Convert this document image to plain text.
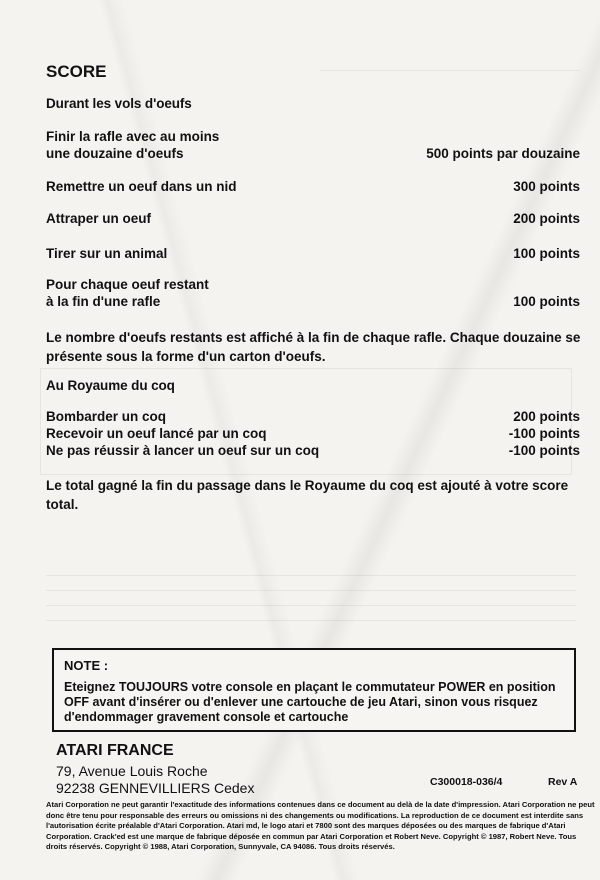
SCORE
Durant les vols d'oeufs
Finir la rafle avec au moins
une douzaine d'oeufs	500 points par douzaine
Remettre un oeuf dans un nid	300 points
Attraper un oeuf	200 points
Tirer sur un animal	100 points
Pour chaque oeuf restant
à la fin d'une rafle	100 points
Le nombre d'oeufs restants est affiché à la fin de chaque rafle. Chaque douzaine se présente sous la forme d'un carton d'oeufs.
Au Royaume du coq
Bombarder un coq	200 points
Recevoir un oeuf lancé par un coq	-100 points
Ne pas réussir à lancer un oeuf sur un coq	-100 points
Le total gagné la fin du passage dans le Royaume du coq est ajouté à votre score total.
NOTE :
Eteignez TOUJOURS votre console en plaçant le commutateur POWER en position OFF avant d'insérer ou d'enlever une cartouche de jeu Atari, sinon vous risquez d'endommager gravement console et cartouche
ATARI FRANCE
79, Avenue Louis Roche
92238 GENNEVILLIERS Cedex	C300018-036/4	Rev A
Atari Corporation ne peut garantir l'exactitude des informations contenues dans ce document au delà de la date d'impression. Atari Corporation ne peut donc être tenu pour responsable des erreurs ou omissions ni des changements ou modifications. La reproduction de ce document est interdite sans l'autorisation écrite préalable d'Atari Corporation. Atari md, le logo atari et 7800 sont des marques déposées ou des marques de fabrique d'Atari Corporation. Crack'ed est une marque de fabrique déposée en commun par Atari Corporation et Robert Neve. Copyright © 1987, Robert Neve. Tous droits réservés. Copyright © 1988, Atari Corporation, Sunnyvale, CA 94086. Tous droits réservés.
